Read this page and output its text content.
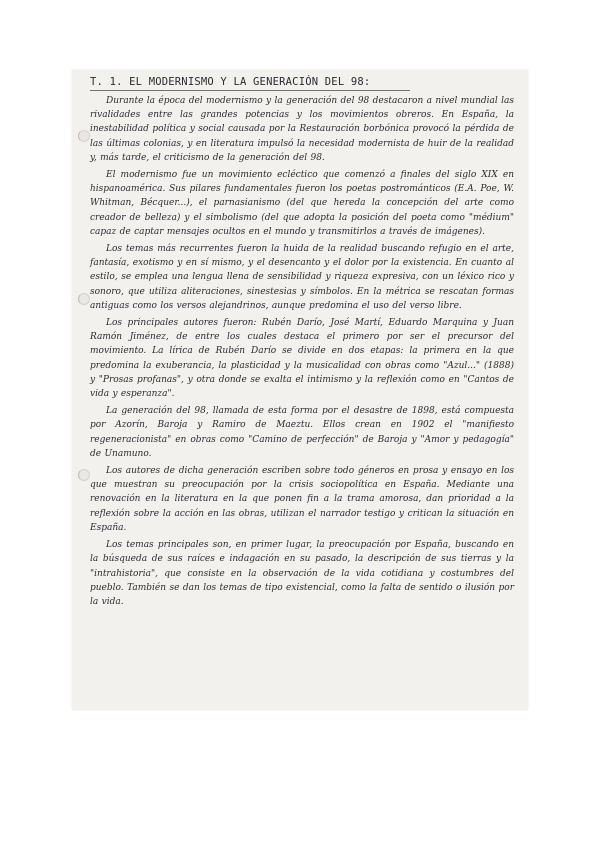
T. 1. EL MODERNISMO Y LA GENERACIÓN DEL 98:

Durante la época del modernismo y la generación del 98 destacaron a nivel mundial las rivalidades entre las grandes potencias y los movimientos obreros. En España, la inestabilidad política y social causada por la Restauración borbónica provocó la pérdida de las últimas colonias, y en literatura impulsó la necesidad modernista de huir de la realidad y, más tarde, el criticismo de la generación del 98.

El modernismo fue un movimiento ecléctico que comenzó a finales del siglo XIX en hispanoamérica. Sus pilares fundamentales fueron los poetas postrománticos (E.A. Poe, W. Whitman, Bécquer...), el parnasianismo (del que hereda la concepción del arte como creador de belleza) y el simbolismo (del que adopta la posición del poeta como "médium" capaz de captar mensajes ocultos en el mundo y transmitirlos a través de imágenes).

Los temas más recurrentes fueron la huida de la realidad buscando refugio en el arte, fantasía, exotismo y en sí mismo, y el desencanto y el dolor por la existencia. En cuanto al estilo, se emplea una lengua llena de sensibilidad y riqueza expresiva, con un léxico rico y sonoro, que utiliza aliteraciones, sinestesias y símbolos. En la métrica se rescatan formas antiguas como los versos alejandrinos, aunque predomina el uso del verso libre.

Los principales autores fueron: Rubén Darío, José Martí, Eduardo Marquina y Juan Ramón Jiménez, de entre los cuales destaca el primero por ser el precursor del movimiento. La lírica de Rubén Darío se divide en dos etapas: la primera en la que predomina la exuberancia, la plasticidad y la musicalidad con obras como "Azul..." (1888) y "Prosas profanas", y otra donde se exalta el intimismo y la reflexión como en "Cantos de vida y esperanza".

La generación del 98, llamada de esta forma por el desastre de 1898, está compuesta por Azorín, Baroja y Ramiro de Maeztu. Ellos crean en 1902 el "manifiesto regeneracionista" en obras como "Camino de perfección" de Baroja y "Amor y pedagogía" de Unamuno.

Los autores de dicha generación escriben sobre todo géneros en prosa y ensayo en los que muestran su preocupación por la crisis sociopolítica en España. Mediante una renovación en la literatura en la que ponen fin a la trama amorosa, dan prioridad a la reflexión sobre la acción en las obras, utilizan el narrador testigo y critican la situación en España.

Los temas principales son, en primer lugar, la preocupación por España, buscando en la búsqueda de sus raíces e indagación en su pasado, la descripción de sus tierras y la "intrahistoria", que consiste en la observación de la vida cotidiana y costumbres del pueblo. También se dan los temas de tipo existencial, como la falta de sentido o ilusión por la vida.
